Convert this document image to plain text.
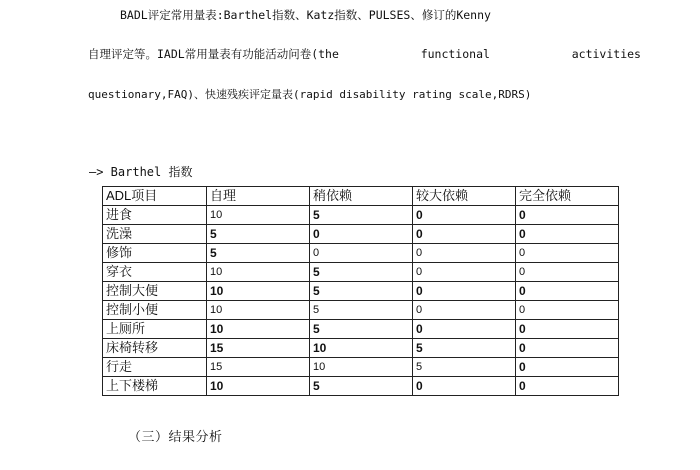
BADL评定常用量表:Barthel指数、Katz指数、PULSES、修订的Kenny
自理评定等。IADL常用量表有功能活动问卷(the	functional	activities
questionary,FAQ)、快速残疾评定量表(rapid disability rating scale,RDRS)
—> Barthel 指数
ADL项目	自理	稍依赖	较大依赖	完全依赖
进食	10	5	0	0
洗澡	5	0	0	0
修饰	5	0	0	0
穿衣	10	5	0	0
控制大便	10	5	0	0
控制小便	10	5	0	0
上厕所	10	5	0	0
床椅转移	15	10	5	0
行走	15	10	5	0
上下楼梯	10	5	0	0
（三）结果分析
